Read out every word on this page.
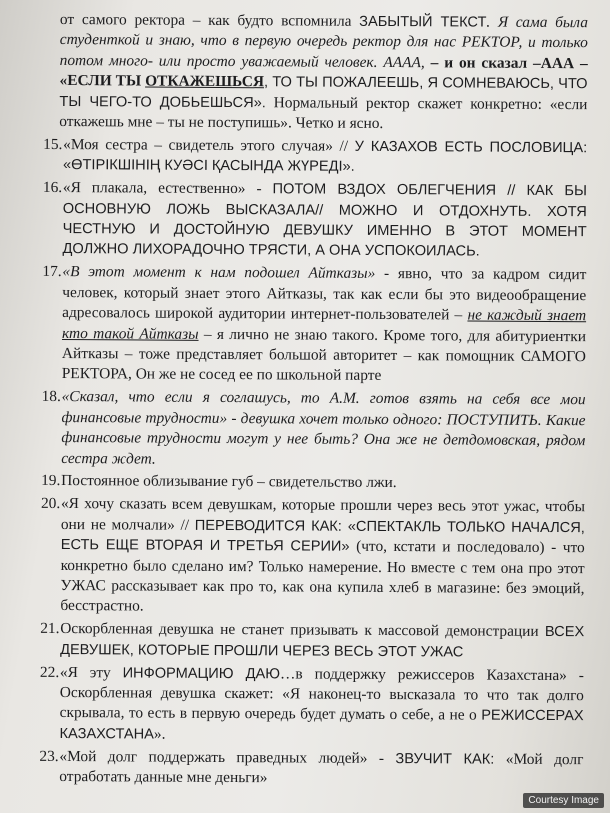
от самого ректора – как будто вспомнила ЗАБЫТЫЙ ТЕКСТ. Я сама была студенткой и знаю, что в первую очередь ректор для нас РЕКТОР, и только потом много- или просто уважаемый человек. АААА, – и он сказал –ААА – «ЕСЛИ ТЫ ОТКАЖЕШЬСЯ, ТО ТЫ ПОЖАЛЕЕШЬ, Я СОМНЕВАЮСЬ, ЧТО ТЫ ЧЕГО-ТО ДОБЬЕШЬСЯ». Нормальный ректор скажет конкретно: «если откажешь мне – ты не поступишь». Четко и ясно.

15. «Моя сестра – свидетель этого случая» // У КАЗАХОВ ЕСТЬ ПОСЛОВИЦА: «ӨТІРІКШІНІҢ КУӘСІ ҚАСЫНДА ЖҮРЕДІ».
16. «Я плакала, естественно» - ПОТОМ ВЗДОХ ОБЛЕГЧЕНИЯ // КАК БЫ ОСНОВНУЮ ЛОЖЬ ВЫСКАЗАЛА// МОЖНО И ОТДОХНУТЬ. ХОТЯ ЧЕСТНУЮ И ДОСТОЙНУЮ ДЕВУШКУ ИМЕННО В ЭТОТ МОМЕНТ ДОЛЖНО ЛИХОРАДОЧНО ТРЯСТИ, А ОНА УСПОКОИЛАСЬ.
17. «В этот момент к нам подошел Айтказы» - явно, что за кадром сидит человек, который знает этого Айтказы, так как если бы это видеообращение адресовалось широкой аудитории интернет-пользователей – не каждый знает кто такой Айтказы – я лично не знаю такого. Кроме того, для абитуриентки Айтказы – тоже представляет большой авторитет – как помощник САМОГО РЕКТОРА, Он же не сосед ее по школьной парте
18. «Сказал, что если я соглашусь, то А.М. готов взять на себя все мои финансовые трудности» - девушка хочет только одного: ПОСТУПИТЬ. Какие финансовые трудности могут у нее быть? Она же не детдомовская, рядом сестра ждет.
19. Постоянное облизывание губ – свидетельство лжи.
20. «Я хочу сказать всем девушкам, которые прошли через весь этот ужас, чтобы они не молчали» // ПЕРЕВОДИТСЯ КАК: «СПЕКТАКЛЬ ТОЛЬКО НАЧАЛСЯ, ЕСТЬ ЕЩЕ ВТОРАЯ И ТРЕТЬЯ СЕРИИ» (что, кстати и последовало) - что конкретно было сделано им? Только намерение. Но вместе с тем она про этот УЖАС рассказывает как про то, как она купила хлеб в магазине: без эмоций, бесстрастно.
21. Оскорбленная девушка не станет призывать к массовой демонстрации ВСЕХ ДЕВУШЕК, КОТОРЫЕ ПРОШЛИ ЧЕРЕЗ ВЕСЬ ЭТОТ УЖАС
22. «Я эту ИНФОРМАЦИЮ ДАЮ…в поддержку режиссеров Казахстана» - Оскорбленная девушка скажет: «Я наконец-то высказала то что так долго скрывала, то есть в первую очередь будет думать о себе, а не о РЕЖИССЕРАХ КАЗАХСТАНА».
23. «Мой долг поддержать праведных людей» - ЗВУЧИТ КАК: «Мой долг отработать данные мне деньги»
Courtesy Image
